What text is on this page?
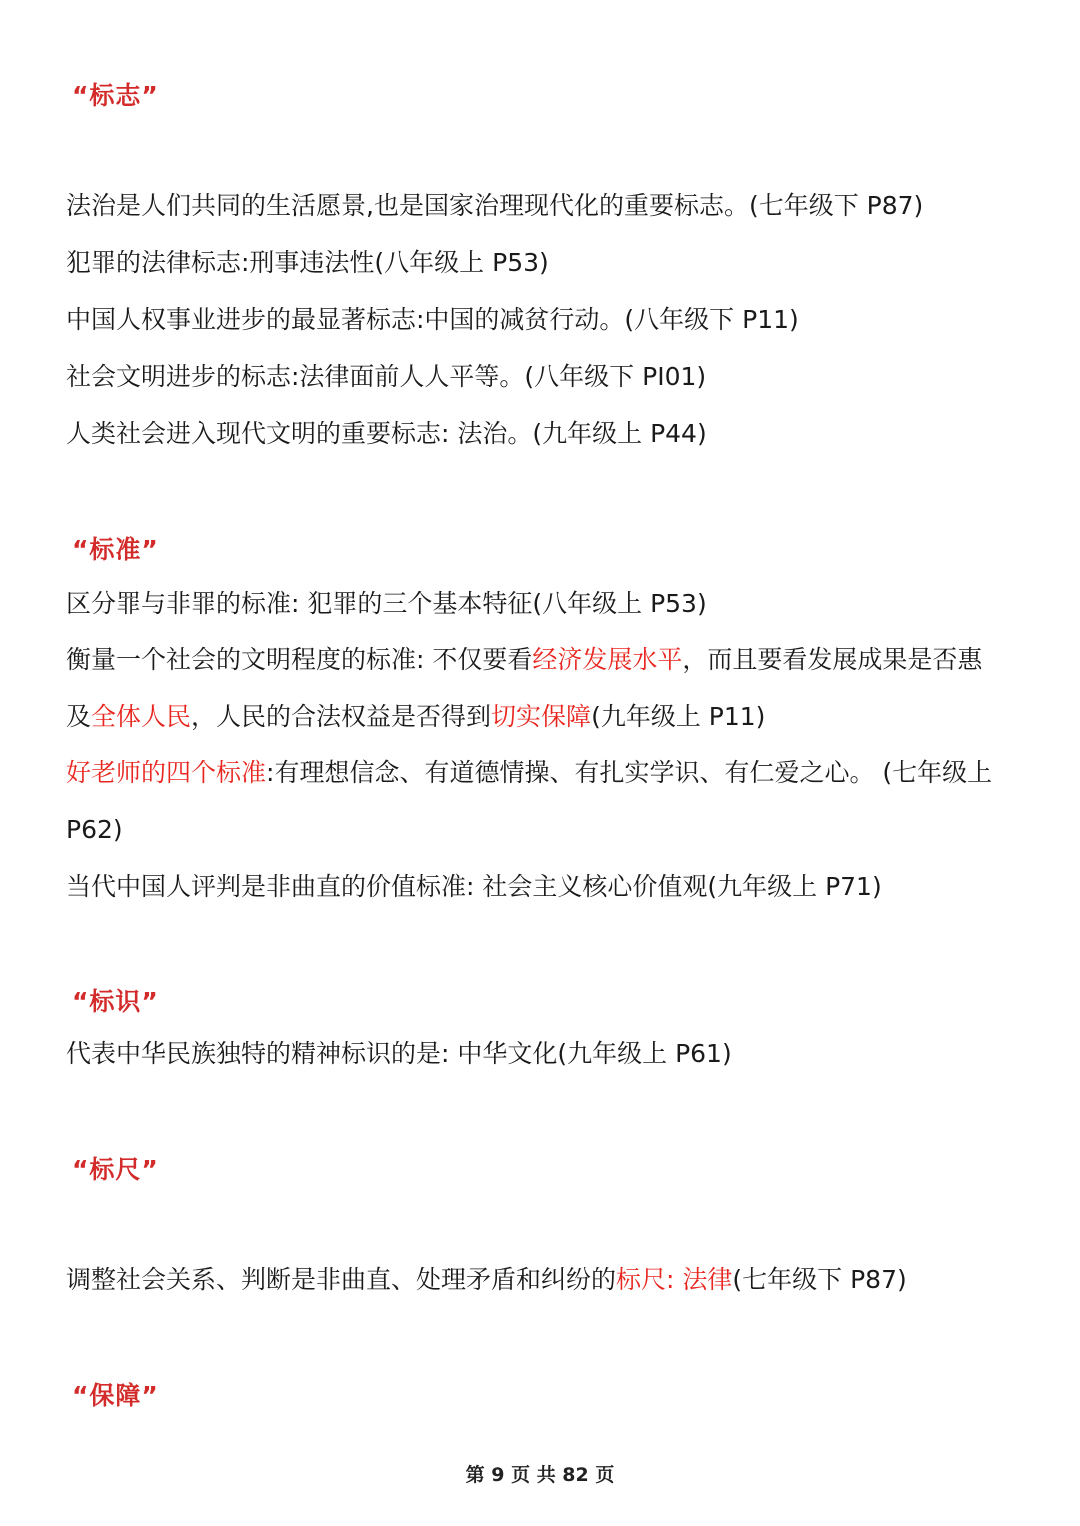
“标志”
法治是人们共同的生活愿景,也是国家治理现代化的重要标志。(七年级下 P87)
犯罪的法律标志:刑事违法性(八年级上 P53)
中国人权事业进步的最显著标志:中国的减贫行动。(八年级下 P11)
社会文明进步的标志:法律面前人人平等。(八年级下 PI01)
人类社会进入现代文明的重要标志: 法治。(九年级上 P44)
“标准”
区分罪与非罪的标准: 犯罪的三个基本特征(八年级上 P53)
衡量一个社会的文明程度的标准: 不仅要看经济发展水平，而且要看发展成果是否惠
及全体人民，人民的合法权益是否得到切实保障(九年级上 P11)
好老师的四个标准:有理想信念、有道德情操、有扎实学识、有仁爱之心。 (七年级上
P62)
当代中国人评判是非曲直的价值标准: 社会主义核心价值观(九年级上 P71)
“标识”
代表中华民族独特的精神标识的是: 中华文化(九年级上 P61)
“标尺”
调整社会关系、判断是非曲直、处理矛盾和纠纷的标尺: 法律(七年级下 P87)
“保障”
第 9 页 共 82 页
